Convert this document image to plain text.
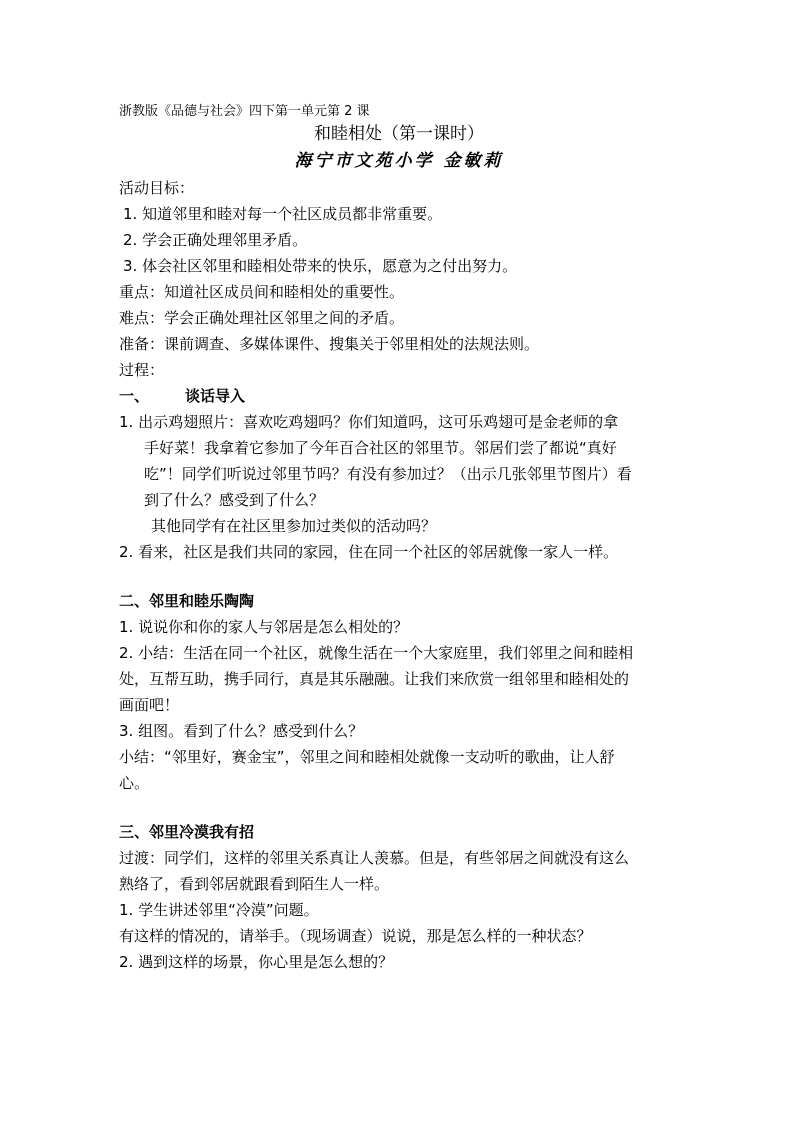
浙教版《品德与社会》四下第一单元第 2 课
和睦相处（第一课时）
海宁市文苑小学 金敏莉
活动目标：
1. 知道邻里和睦对每一个社区成员都非常重要。
2. 学会正确处理邻里矛盾。
3. 体会社区邻里和睦相处带来的快乐，愿意为之付出努力。
重点：知道社区成员间和睦相处的重要性。
难点：学会正确处理社区邻里之间的矛盾。
准备：课前调查、多媒体课件、搜集关于邻里相处的法规法则。
过程：
一、 谈话导入
1. 出示鸡翅照片：喜欢吃鸡翅吗？你们知道吗，这可乐鸡翅可是金老师的拿
手好菜！我拿着它参加了今年百合社区的邻里节。邻居们尝了都说“真好
吃”！同学们听说过邻里节吗？有没有参加过？（出示几张邻里节图片）看
到了什么？感受到了什么？
其他同学有在社区里参加过类似的活动吗？
2. 看来，社区是我们共同的家园，住在同一个社区的邻居就像一家人一样。
二、邻里和睦乐陶陶
1. 说说你和你的家人与邻居是怎么相处的？
2. 小结：生活在同一个社区，就像生活在一个大家庭里，我们邻里之间和睦相
处，互帮互助，携手同行，真是其乐融融。让我们来欣赏一组邻里和睦相处的
画面吧！
3. 组图。看到了什么？感受到什么？
小结：“邻里好，赛金宝”，邻里之间和睦相处就像一支动听的歌曲，让人舒
心。
三、邻里冷漠我有招
过渡：同学们，这样的邻里关系真让人羡慕。但是，有些邻居之间就没有这么
熟络了，看到邻居就跟看到陌生人一样。
1. 学生讲述邻里“冷漠”问题。
有这样的情况的，请举手。（现场调查）说说，那是怎么样的一种状态？
2. 遇到这样的场景，你心里是怎么想的？
